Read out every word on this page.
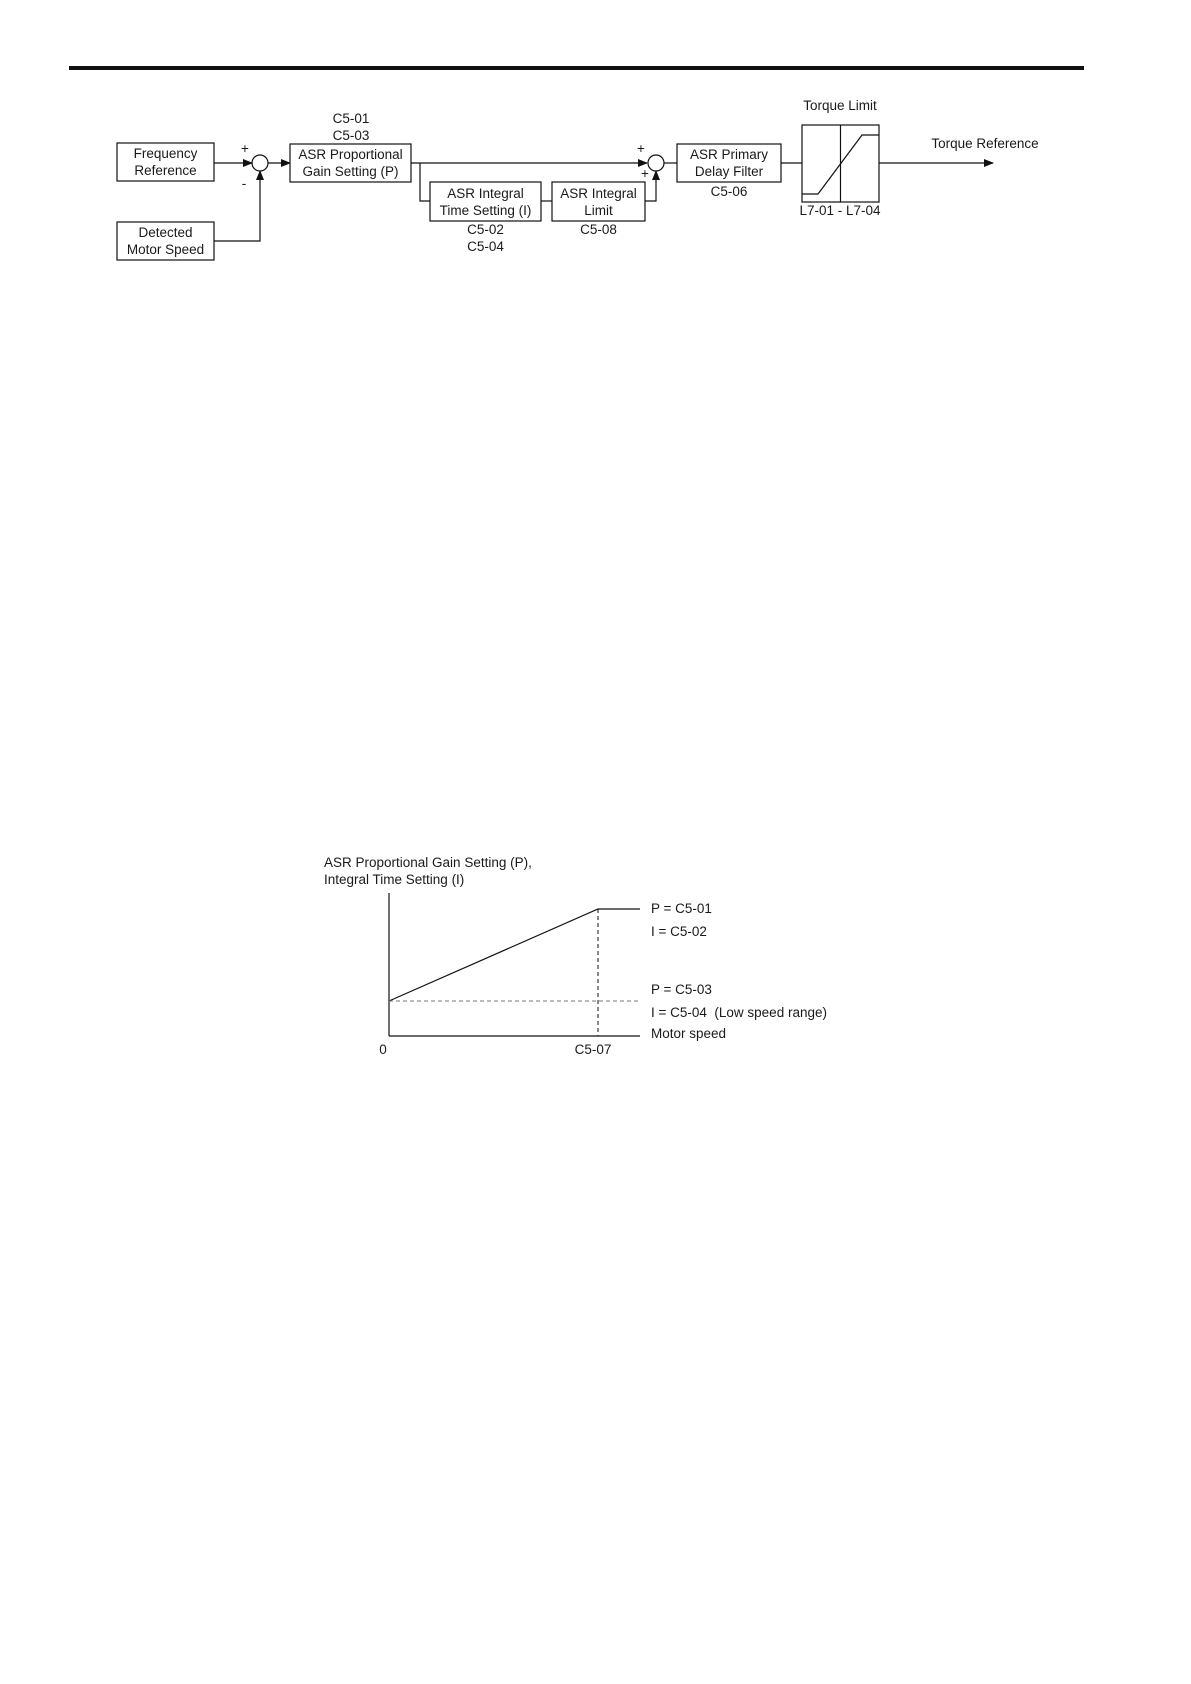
Frequency
Reference
Detected
Motor Speed
+
-
C5-01
C5-03
ASR Proportional
Gain Setting (P)
ASR Integral
Time Setting (I)
C5-02
C5-04
ASR Integral
Limit
C5-08
+
+
ASR Primary
Delay Filter
C5-06
Torque Limit
L7-01 - L7-04
Torque Reference
ASR Proportional Gain Setting (P),
Integral Time Setting (I)
P = C5-01
I = C5-02
P = C5-03
I = C5-04  (Low speed range)
Motor speed
0	C5-07
